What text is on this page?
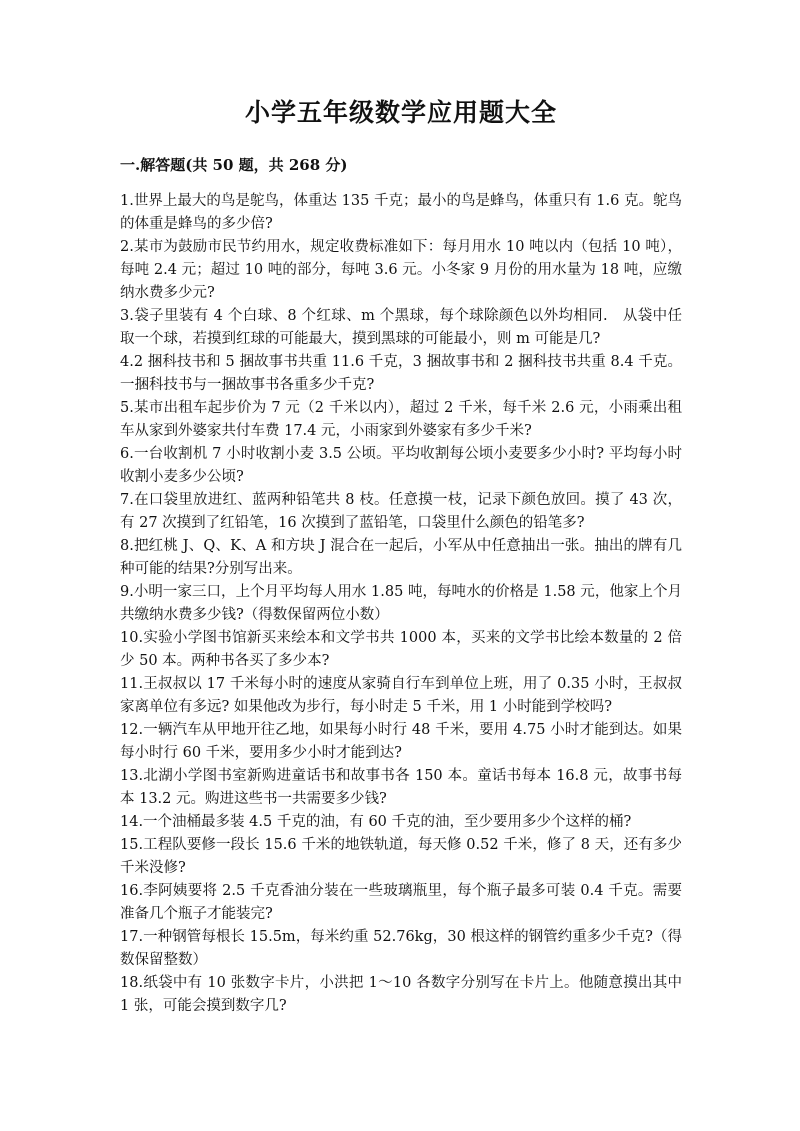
小学五年级数学应用题大全
一.解答题(共 50 题，共 268 分)
1.世界上最大的鸟是鸵鸟，体重达 135 千克；最小的鸟是蜂鸟，体重只有 1.6 克。鸵鸟的体重是蜂鸟的多少倍?
2.某市为鼓励市民节约用水，规定收费标准如下：每月用水 10 吨以内（包括 10 吨），每吨 2.4 元；超过 10 吨的部分，每吨 3.6 元。小冬家 9 月份的用水量为 18 吨，应缴纳水费多少元?
3.袋子里装有 4 个白球、8 个红球、m 个黑球，每个球除颜色以外均相同.　从袋中任取一个球，若摸到红球的可能最大，摸到黑球的可能最小，则 m 可能是几?
4.2 捆科技书和 5 捆故事书共重 11.6 千克，3 捆故事书和 2 捆科技书共重 8.4 千克。一捆科技书与一捆故事书各重多少千克?
5.某市出租车起步价为 7 元（2 千米以内），超过 2 千米，每千米 2.6 元，小雨乘出租车从家到外婆家共付车费 17.4 元，小雨家到外婆家有多少千米?
6.一台收割机 7 小时收割小麦 3.5 公顷。平均收割每公顷小麦要多少小时? 平均每小时收割小麦多少公顷?
7.在口袋里放进红、蓝两种铅笔共 8 枝。任意摸一枝，记录下颜色放回。摸了 43 次，有 27 次摸到了红铅笔，16 次摸到了蓝铅笔，口袋里什么颜色的铅笔多?
8.把红桃 J、Q、K、A 和方块 J 混合在一起后，小军从中任意抽出一张。抽出的牌有几种可能的结果?分别写出来。
9.小明一家三口，上个月平均每人用水 1.85 吨，每吨水的价格是 1.58 元，他家上个月共缴纳水费多少钱?（得数保留两位小数）
10.实验小学图书馆新买来绘本和文学书共 1000 本，买来的文学书比绘本数量的 2 倍少 50 本。两种书各买了多少本?
11.王叔叔以 17 千米每小时的速度从家骑自行车到单位上班，用了 0.35 小时，王叔叔家离单位有多远? 如果他改为步行，每小时走 5 千米，用 1 小时能到学校吗?
12.一辆汽车从甲地开往乙地，如果每小时行 48 千米，要用 4.75 小时才能到达。如果每小时行 60 千米，要用多少小时才能到达?
13.北湖小学图书室新购进童话书和故事书各 150 本。童话书每本 16.8 元，故事书每本 13.2 元。购进这些书一共需要多少钱?
14.一个油桶最多装 4.5 千克的油，有 60 千克的油，至少要用多少个这样的桶?
15.工程队要修一段长 15.6 千米的地铁轨道，每天修 0.52 千米，修了 8 天，还有多少千米没修?
16.李阿姨要将 2.5 千克香油分装在一些玻璃瓶里，每个瓶子最多可装 0.4 千克。需要准备几个瓶子才能装完?
17.一种钢管每根长 15.5m，每米约重 52.76kg，30 根这样的钢管约重多少千克?（得数保留整数）
18.纸袋中有 10 张数字卡片，小洪把 1～10 各数字分别写在卡片上。他随意摸出其中 1 张，可能会摸到数字几?
